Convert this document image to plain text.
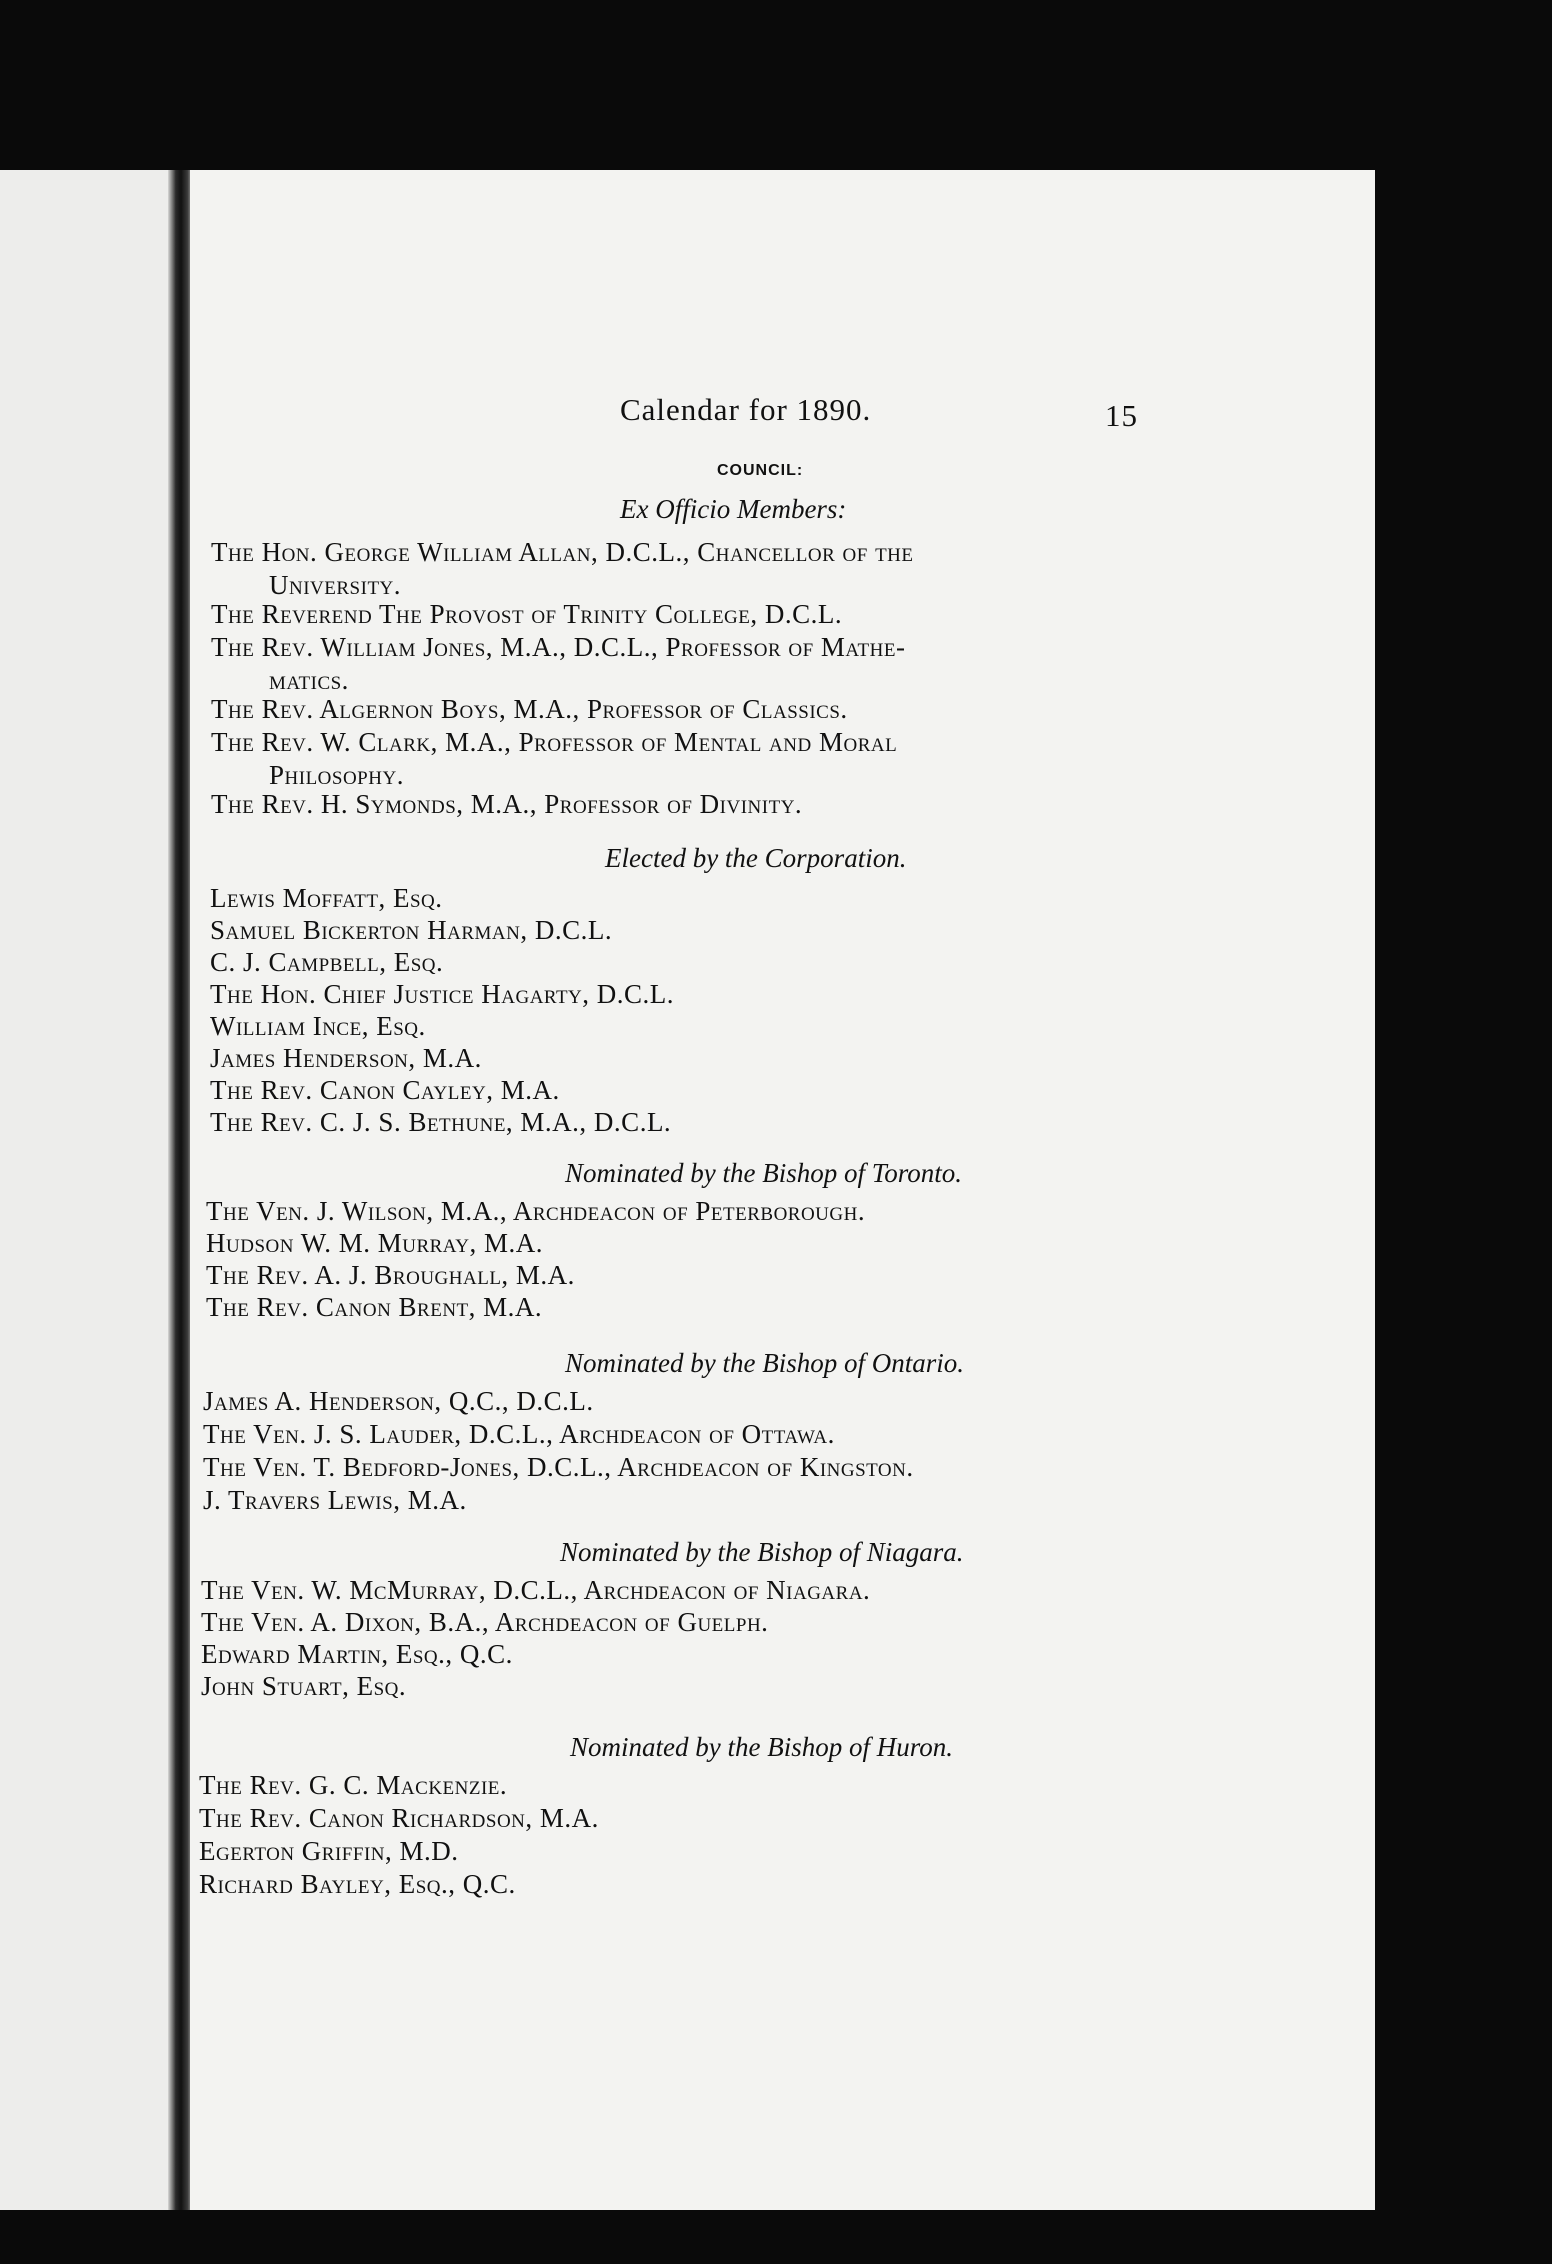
Calendar for 1890.	15
COUNCIL:
Ex Officio Members:
The Hon. George William Allan, D.C.L., Chancellor of the
University.
The Reverend The Provost of Trinity College, D.C.L.
The Rev. William Jones, M.A., D.C.L., Professor of Mathe-
matics.
The Rev. Algernon Boys, M.A., Professor of Classics.
The Rev. W. Clark, M.A., Professor of Mental and Moral
Philosophy.
The Rev. H. Symonds, M.A., Professor of Divinity.
Elected by the Corporation.
Lewis Moffatt, Esq.
Samuel Bickerton Harman, D.C.L.
C. J. Campbell, Esq.
The Hon. Chief Justice Hagarty, D.C.L.
William Ince, Esq.
James Henderson, M.A.
The Rev. Canon Cayley, M.A.
The Rev. C. J. S. Bethune, M.A., D.C.L.
Nominated by the Bishop of Toronto.
The Ven. J. Wilson, M.A., Archdeacon of Peterborough.
Hudson W. M. Murray, M.A.
The Rev. A. J. Broughall, M.A.
The Rev. Canon Brent, M.A.
Nominated by the Bishop of Ontario.
James A. Henderson, Q.C., D.C.L.
The Ven. J. S. Lauder, D.C.L., Archdeacon of Ottawa.
The Ven. T. Bedford-Jones, D.C.L., Archdeacon of Kingston.
J. Travers Lewis, M.A.
Nominated by the Bishop of Niagara.
The Ven. W. McMurray, D.C.L., Archdeacon of Niagara.
The Ven. A. Dixon, B.A., Archdeacon of Guelph.
Edward Martin, Esq., Q.C.
John Stuart, Esq.
Nominated by the Bishop of Huron.
The Rev. G. C. Mackenzie.
The Rev. Canon Richardson, M.A.
Egerton Griffin, M.D.
Richard Bayley, Esq., Q.C.
